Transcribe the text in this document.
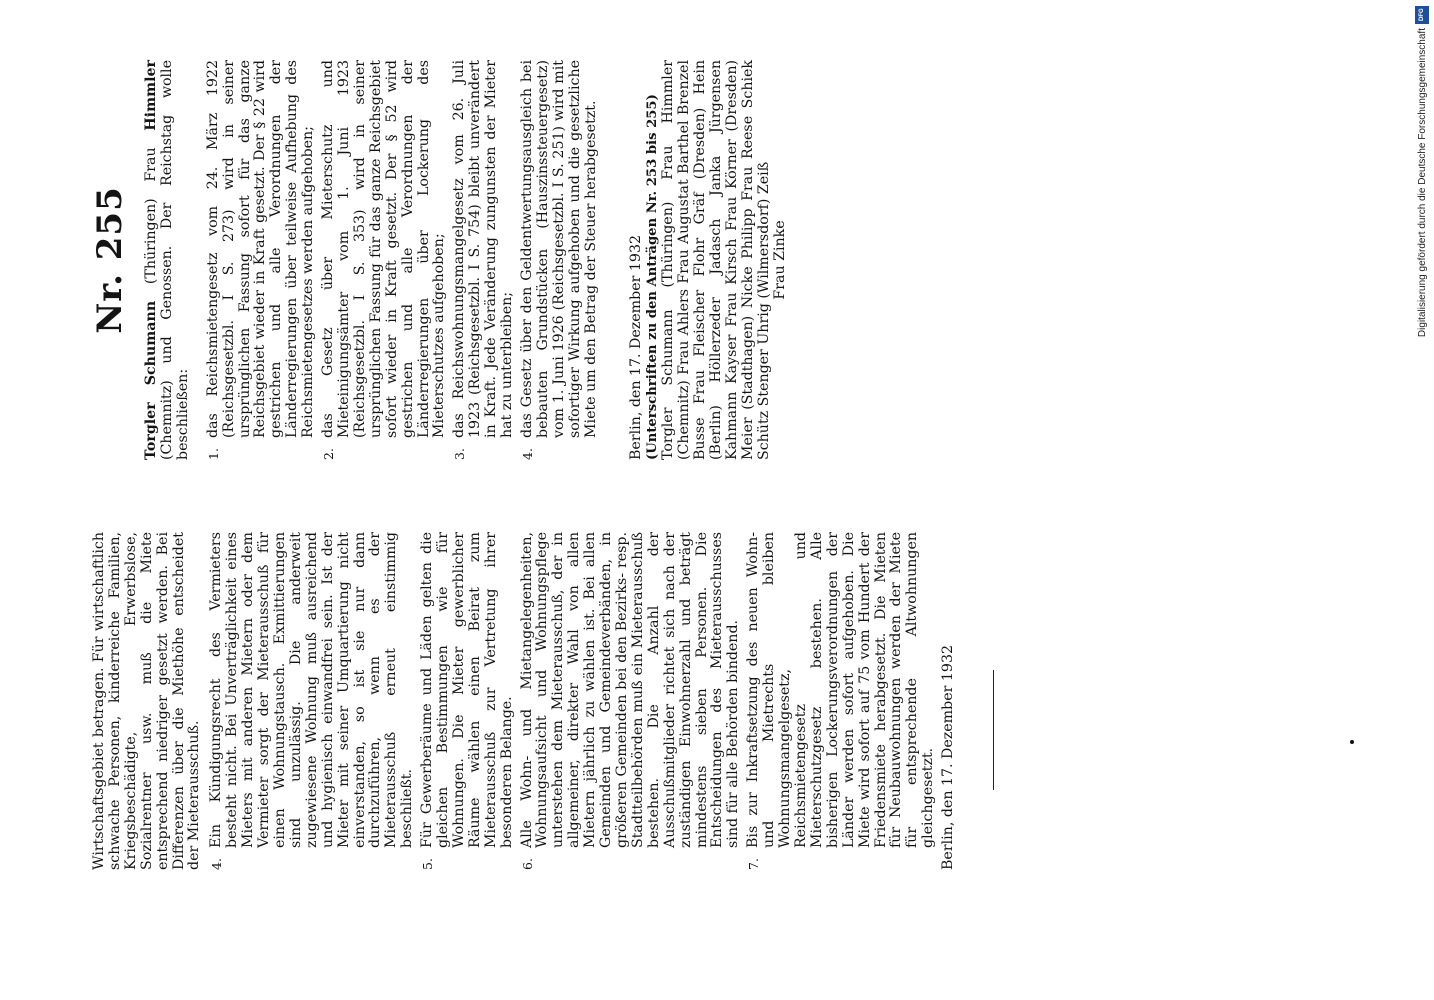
Wirtschaftsgebiet betragen. Für wirtschaftlich schwache Personen, kinderreiche Familien, Kriegsbeschädigte, Erwerbslose, Sozialrentner usw. muß die Miete entsprechend niedriger gesetzt werden. Bei Differenzen über die Miethöhe entscheidet der Mieterausschuß. 4.
Ein Kündigungsrecht des Vermieters besteht nicht. Bei Unverträglichkeit eines Mieters mit anderen Mietern oder dem Vermieter sorgt der Mieterausschuß für einen Wohnungstausch. Exmittierungen sind unzulässig. Die anderweit zugewiesene Wohnung muß ausreichend und hygienisch einwandfrei sein. Ist der Mieter mit seiner Umquartierung nicht einverstanden, so ist sie nur dann durchzuführen, wenn es der Mieterausschuß erneut einstimmig beschließt.
5.
Für Gewerberäume und Läden gelten die gleichen Bestimmungen wie für Wohnungen. Die Mieter gewerblicher Räume wählen einen Beirat zum Mieterausschuß zur Vertretung ihrer besonderen Belange.
6.
Alle Wohn- und Mietangelegenheiten, Wohnungsaufsicht und Wohnungspflege unterstehen dem Mieterausschuß, der in allgemeiner, direkter Wahl von allen Mietern jährlich zu wählen ist. Bei allen Gemeinden und Gemeindeverbänden, in größeren Gemeinden bei den Bezirks- resp. Stadtteilbehörden muß ein Mieterausschuß bestehen. Die Anzahl der Ausschußmitglieder richtet sich nach der zuständigen Einwohnerzahl und beträgt mindestens sieben Personen. Die Entscheidungen des Mieterausschusses sind für alle Behörden bindend.
7.
Bis zur Inkraftsetzung des neuen Wohn- und Mietrechts bleiben Wohnungsmangelgesetz, Reichsmietengesetz und Mieterschutzgesetz bestehen. Alle bisherigen Lockerungsverordnungen der Länder werden sofort aufgehoben. Die Miete wird sofort auf 75 vom Hundert der Friedensmiete herabgesetzt. Die Mieten für Neubauwohnungen werden der Miete für entsprechende Altwohnungen gleichgesetzt. Berlin, den 17. Dezember 1932

Nr. 255

Torgler Schumann (Thüringen) Frau Himmler (Chemnitz) und Genossen. Der Reichstag wolle beschließen: 1.
das Reichsmietengesetz vom 24. März 1922 (Reichsgesetzbl. I S. 273) wird in seiner ursprünglichen Fassung sofort für das ganze Reichsgebiet wieder in Kraft gesetzt. Der § 22 wird gestrichen und alle Verordnungen der Länderregierungen über teilweise Aufhebung des Reichsmietengesetzes werden aufgehoben;
2.
das Gesetz über Mieterschutz und Mieteinigungsämter vom 1. Juni 1923 (Reichsgesetzbl. I S. 353) wird in seiner ursprünglichen Fassung für das ganze Reichsgebiet sofort wieder in Kraft gesetzt. Der § 52 wird gestrichen und alle Verordnungen der Länderregierungen über Lockerung des Mieterschutzes aufgehoben;
3.
das Reichswohnungsmangelgesetz vom 26. Juli 1923 (Reichsgesetzbl. I S. 754) bleibt unverändert in Kraft. Jede Veränderung zungunsten der Mieter hat zu unterbleiben;
4.
das Gesetz über den Geldentwertungsausgleich bei bebauten Grundstücken (Hauszinssteuergesetz) vom 1. Juni 1926 (Reichsgesetzbl. I S. 251) wird mit sofortiger Wirkung aufgehoben und die gesetzliche Miete um den Betrag der Steuer herabgesetzt. Berlin, den 17. Dezember 1932 (Unterschriften zu den Anträgen Nr. 253 bis 255) Torgler Schumann (Thüringen) Frau Himmler (Chemnitz) Frau Ahlers Frau Augustat Barthel Brenzel Busse Frau Fleischer Flohr Gräf (Dresden) Hein (Berlin) Höllerzeder Jadasch Janka Jürgensen Kahmann Kayser Frau Kirsch Frau Körner (Dresden) Meier (Stadthagen) Nicke Philipp Frau Reese Schiek Schütz Stenger Uhrig (Wilmersdorf) Zeiß Frau Zinke

DFG
Digitalisierung gefördert durch die Deutsche Forschungsgemeinschaft
